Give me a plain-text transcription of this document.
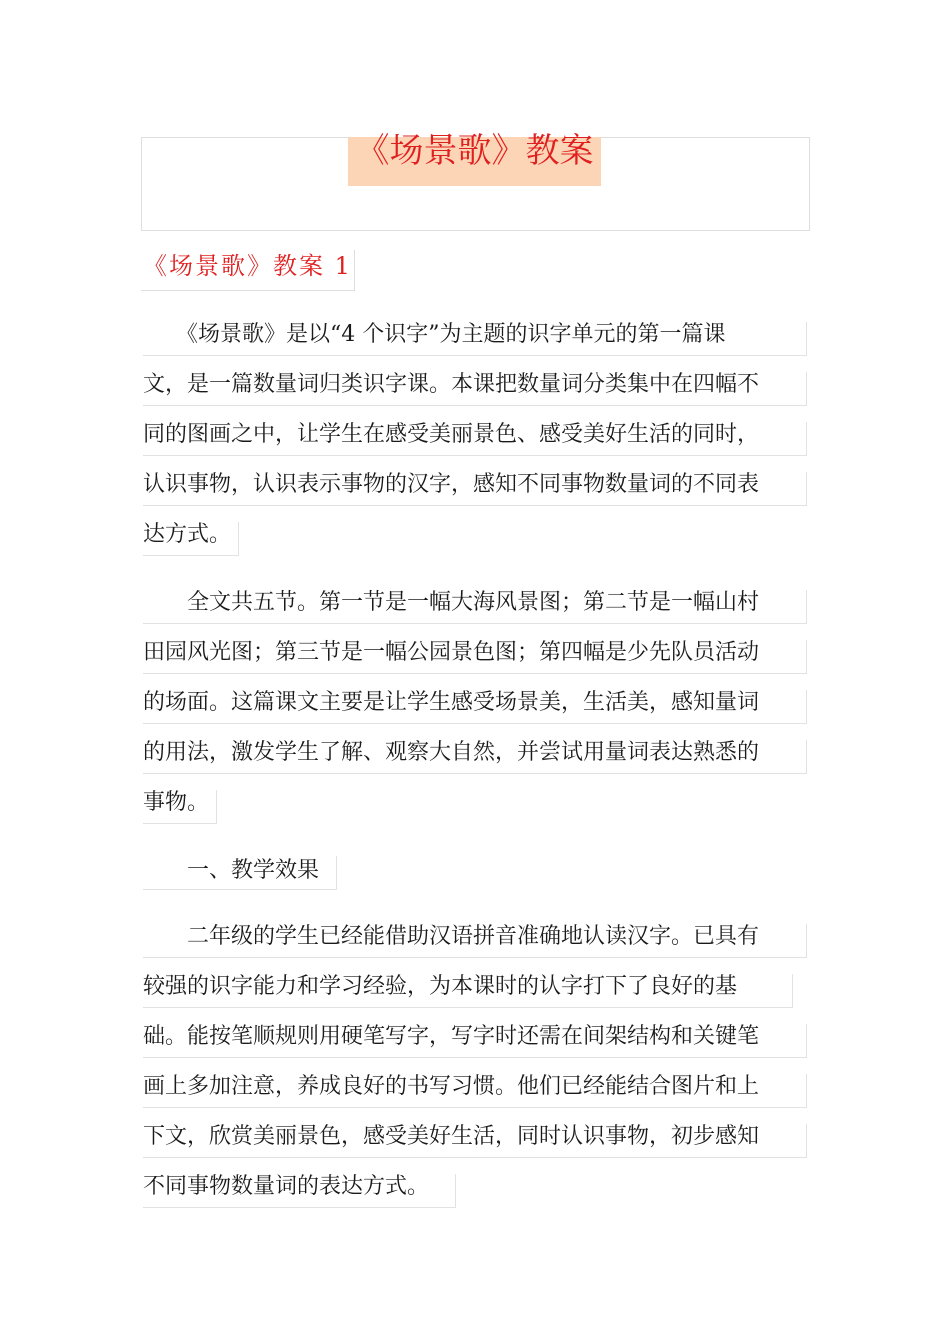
《场景歌》教案
《场景歌》教案 1
　　《场景歌》是以“4 个识字”为主题的识字单元的第一篇课
文，是一篇数量词归类识字课。本课把数量词分类集中在四幅不
同的图画之中，让学生在感受美丽景色、感受美好生活的同时，
认识事物，认识表示事物的汉字，感知不同事物数量词的不同表
达方式。
　　全文共五节。第一节是一幅大海风景图；第二节是一幅山村
田园风光图；第三节是一幅公园景色图；第四幅是少先队员活动
的场面。这篇课文主要是让学生感受场景美，生活美，感知量词
的用法，激发学生了解、观察大自然，并尝试用量词表达熟悉的
事物。
　　一、教学效果
　　二年级的学生已经能借助汉语拼音准确地认读汉字。已具有
较强的识字能力和学习经验，为本课时的认字打下了良好的基
础。能按笔顺规则用硬笔写字，写字时还需在间架结构和关键笔
画上多加注意，养成良好的书写习惯。他们已经能结合图片和上
下文，欣赏美丽景色，感受美好生活，同时认识事物，初步感知
不同事物数量词的表达方式。
